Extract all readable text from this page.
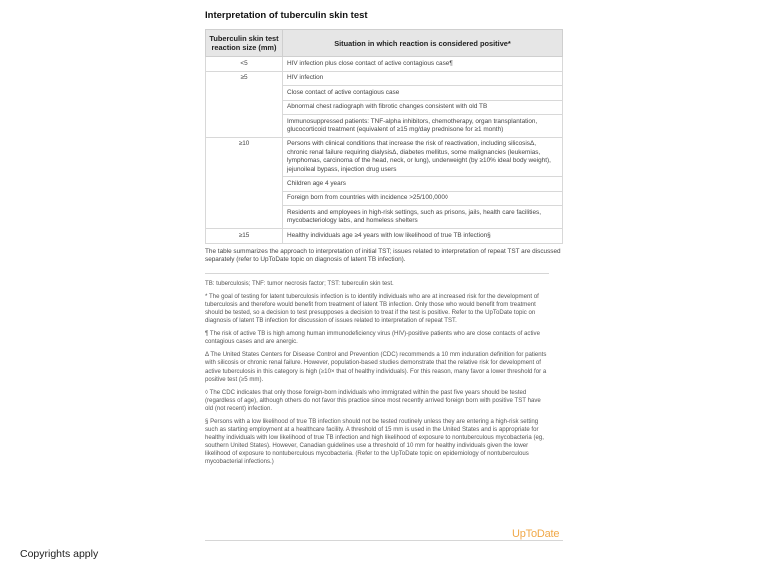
Interpretation of tuberculin skin test
Tuberculin skin test reaction size (mm)	Situation in which reaction is considered positive*
<5	HIV infection plus close contact of active contagious case¶
≥5	HIV infection
	Close contact of active contagious case
	Abnormal chest radiograph with fibrotic changes consistent with old TB
	Immunosuppressed patients: TNF-alpha inhibitors, chemotherapy, organ transplantation, glucocorticoid treatment (equivalent of ≥15 mg/day prednisone for ≥1 month)
≥10	Persons with clinical conditions that increase the risk of reactivation, including silicosisΔ, chronic renal failure requiring dialysisΔ, diabetes mellitus, some malignancies (leukemias, lymphomas, carcinoma of the head, neck, or lung), underweight (by ≥10% ideal body weight), jejunoileal bypass, injection drug users
	Children age 4 years
	Foreign born from countries with incidence >25/100,000◊
	Residents and employees in high-risk settings, such as prisons, jails, health care facilities, mycobacteriology labs, and homeless shelters
≥15	Healthy individuals age ≥4 years with low likelihood of true TB infection§
The table summarizes the approach to interpretation of initial TST; issues related to interpretation of repeat TST are discussed separately (refer to UpToDate topic on diagnosis of latent TB infection).
TB: tuberculosis; TNF: tumor necrosis factor; TST: tuberculin skin test.
* The goal of testing for latent tuberculosis infection is to identify individuals who are at increased risk for the development of tuberculosis and therefore would benefit from treatment of latent TB infection. Only those who would benefit from treatment should be tested, so a decision to test presupposes a decision to treat if the test is positive. Refer to the UpToDate topic on diagnosis of latent TB infection for discussion of issues related to interpretation of repeat TST.
¶ The risk of active TB is high among human immunodeficiency virus (HIV)-positive patients who are close contacts of active contagious cases and are anergic.
Δ The United States Centers for Disease Control and Prevention (CDC) recommends a 10 mm induration definition for patients with silicosis or chronic renal failure. However, population-based studies demonstrate that the relative risk for development of active tuberculosis in this category is high (≥10× that of healthy individuals). For this reason, many favor a lower threshold for a positive test (≥5 mm).
◊ The CDC indicates that only those foreign-born individuals who immigrated within the past five years should be tested (regardless of age), although others do not favor this practice since most recently arrived foreign born with positive TST have old (not recent) infection.
§ Persons with a low likelihood of true TB infection should not be tested routinely unless they are entering a high-risk setting such as starting employment at a healthcare facility. A threshold of 15 mm is used in the United States and is appropriate for healthy individuals with low likelihood of true TB infection and high likelihood of exposure to nontuberculous mycobacteria (eg, southern United States). However, Canadian guidelines use a threshold of 10 mm for healthy individuals given the lower likelihood of exposure to nontuberculous mycobacteria. (Refer to the UpToDate topic on epidemiology of nontuberculous mycobacterial infections.)
UpToDate
Copyrights apply
